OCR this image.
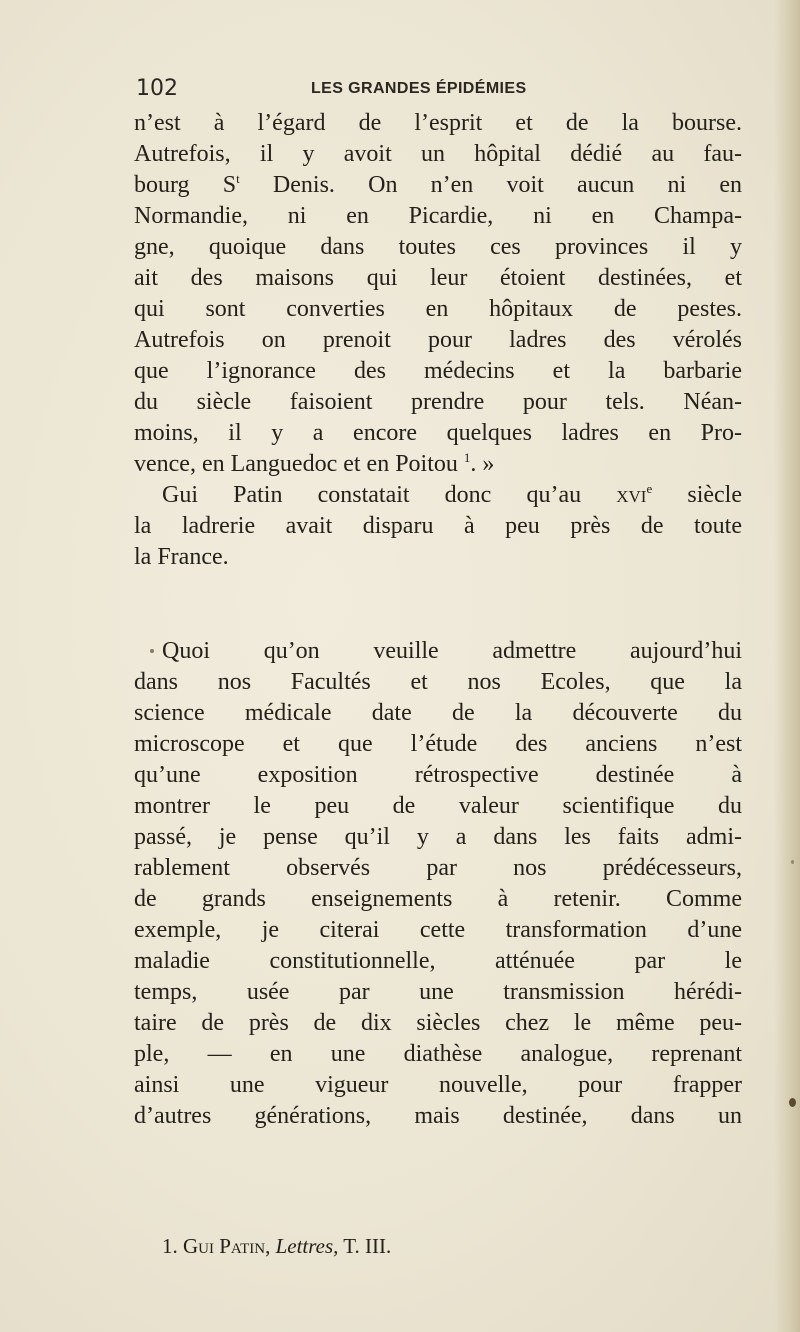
102	LES GRANDES ÉPIDÉMIES
n’est à l’égard de l’esprit et de la bourse.
Autrefois, il y avoit un hôpital dédié au fau-
bourg $S^t$ Denis. On n’en voit aucun ni en
Normandie, ni en Picardie, ni en Champa-
gne, quoique dans toutes ces provinces il y
ait des maisons qui leur étoient destinées, et
qui sont converties en hôpitaux de pestes.
Autrefois on prenoit pour ladres des vérolés
que l’ignorance des médecins et la barbarie
du siècle faisoient prendre pour tels. Néan-
moins, il y a encore quelques ladres en Pro-
vence, en Languedoc et en Poitou $^1$. »
Gui Patin constatait donc qu’au xvi$^e$ siècle
la ladrerie avait disparu à peu près de toute
la France.
Quoi qu’on veuille admettre aujourd’hui
dans nos Facultés et nos Ecoles, que la
science médicale date de la découverte du
microscope et que l’étude des anciens n’est
qu’une exposition rétrospective destinée à
montrer le peu de valeur scientifique du
passé, je pense qu’il y a dans les faits admi-
rablement observés par nos prédécesseurs,
de grands enseignements à retenir. Comme
exemple, je citerai cette transformation d’une
maladie constitutionnelle, atténuée par le
temps, usée par une transmission hérédi-
taire de près de dix siècles chez le même peu-
ple, — en une diathèse analogue, reprenant
ainsi une vigueur nouvelle, pour frapper
d’autres générations, mais destinée, dans un
1. Gui Patin, Lettres, T. III.
